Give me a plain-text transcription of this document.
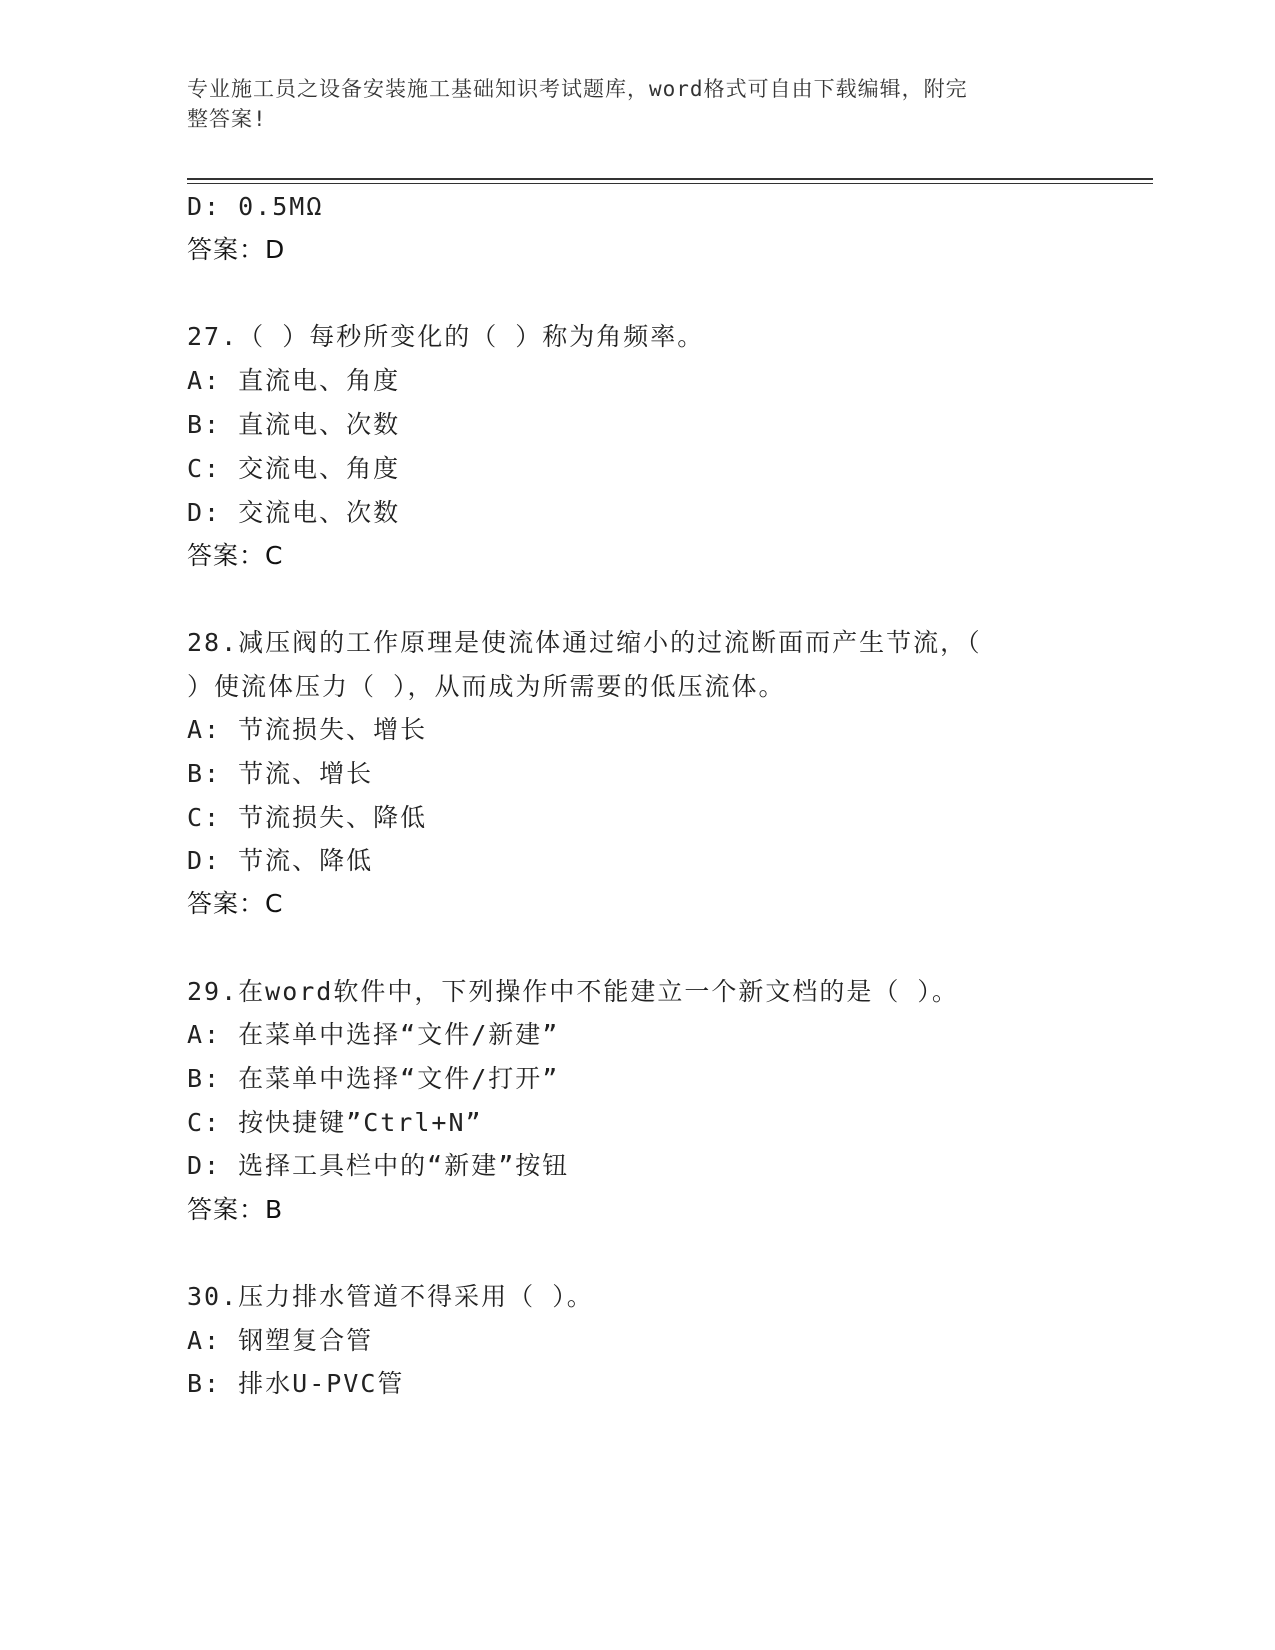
专业施工员之设备安装施工基础知识考试题库，word格式可自由下载编辑，附完
整答案!
D: 0.5MΩ
答案：D
27.（ ）每秒所变化的（ ）称为角频率。
A: 直流电、角度
B: 直流电、次数
C: 交流电、角度
D: 交流电、次数
答案：C
28.减压阀的工作原理是使流体通过缩小的过流断面而产生节流，（
）使流体压力（ ），从而成为所需要的低压流体。
A: 节流损失、增长
B: 节流、增长
C: 节流损失、降低
D: 节流、降低
答案：C
29.在word软件中，下列操作中不能建立一个新文档的是（ ）。
A: 在菜单中选择“文件/新建”
B: 在菜单中选择“文件/打开”
C: 按快捷键”Ctrl+N”
D: 选择工具栏中的“新建”按钮
答案：B
30.压力排水管道不得采用（ ）。
A: 钢塑复合管
B: 排水U-PVC管
